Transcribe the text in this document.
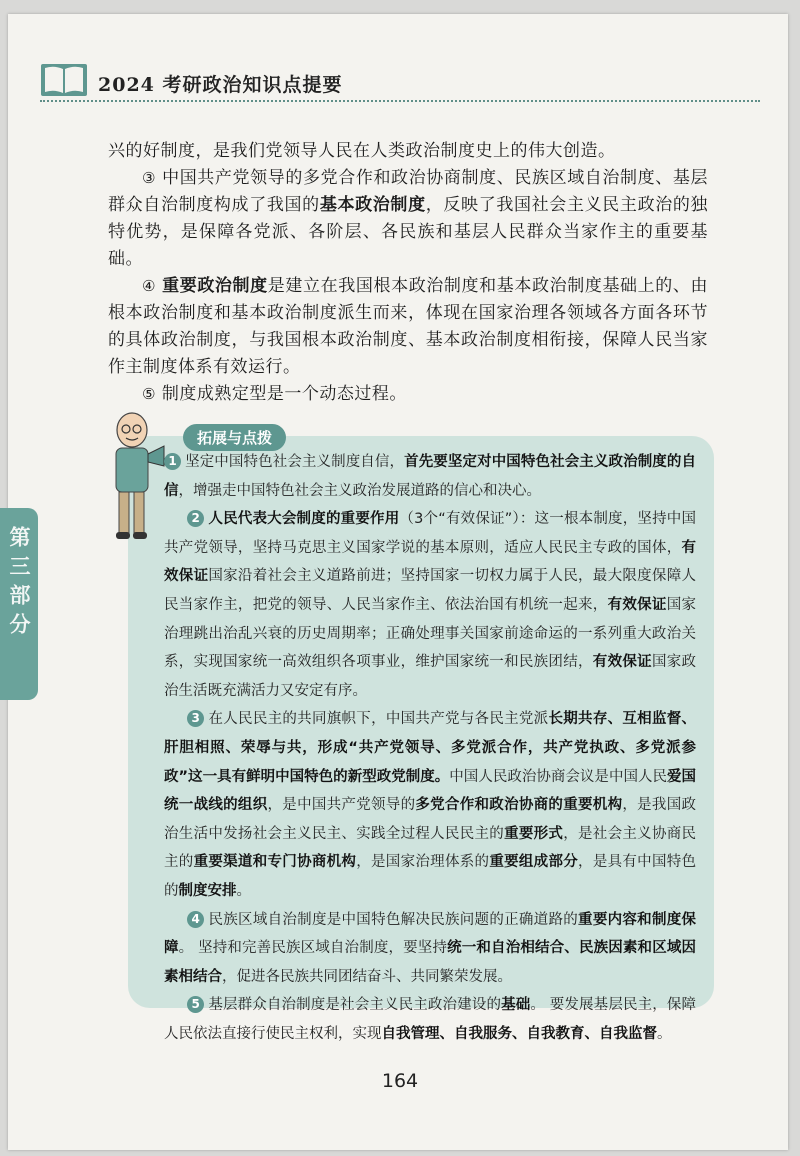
2024 考研政治知识点提要

兴的好制度，是我们党领导人民在人类政治制度史上的伟大创造。

③ 中国共产党领导的多党合作和政治协商制度、民族区域自治制度、基层群众自治制度构成了我国的基本政治制度，反映了我国社会主义民主政治的独特优势，是保障各党派、各阶层、各民族和基层人民群众当家作主的重要基础。

④ 重要政治制度是建立在我国根本政治制度和基本政治制度基础上的、由根本政治制度和基本政治制度派生而来，体现在国家治理各领域各方面各环节的具体政治制度，与我国根本政治制度、基本政治制度相衔接，保障人民当家作主制度体系有效运行。

⑤ 制度成熟定型是一个动态过程。

第三部分
拓展与点拨

1 坚定中国特色社会主义制度自信，首先要坚定对中国特色社会主义政治制度的自信，增强走中国特色社会主义政治发展道路的信心和决心。

2 人民代表大会制度的重要作用（3个“有效保证”）：这一根本制度，坚持中国共产党领导，坚持马克思主义国家学说的基本原则，适应人民民主专政的国体，有效保证国家沿着社会主义道路前进；坚持国家一切权力属于人民，最大限度保障人民当家作主，把党的领导、人民当家作主、依法治国有机统一起来，有效保证国家治理跳出治乱兴衰的历史周期率；正确处理事关国家前途命运的一系列重大政治关系，实现国家统一高效组织各项事业，维护国家统一和民族团结，有效保证国家政治生活既充满活力又安定有序。

3 在人民民主的共同旗帜下，中国共产党与各民主党派长期共存、互相监督、肝胆相照、荣辱与共，形成“共产党领导、多党派合作，共产党执政、多党派参政”这一具有鲜明中国特色的新型政党制度。中国人民政治协商会议是中国人民爱国统一战线的组织，是中国共产党领导的多党合作和政治协商的重要机构，是我国政治生活中发扬社会主义民主、实践全过程人民民主的重要形式，是社会主义协商民主的重要渠道和专门协商机构，是国家治理体系的重要组成部分，是具有中国特色的制度安排。

4 民族区域自治制度是中国特色解决民族问题的正确道路的重要内容和制度保障。 坚持和完善民族区域自治制度，要坚持统一和自治相结合、民族因素和区域因素相结合，促进各民族共同团结奋斗、共同繁荣发展。

5 基层群众自治制度是社会主义民主政治建设的基础。 要发展基层民主，保障人民依法直接行使民主权利，实现自我管理、自我服务、自我教育、自我监督。

164
